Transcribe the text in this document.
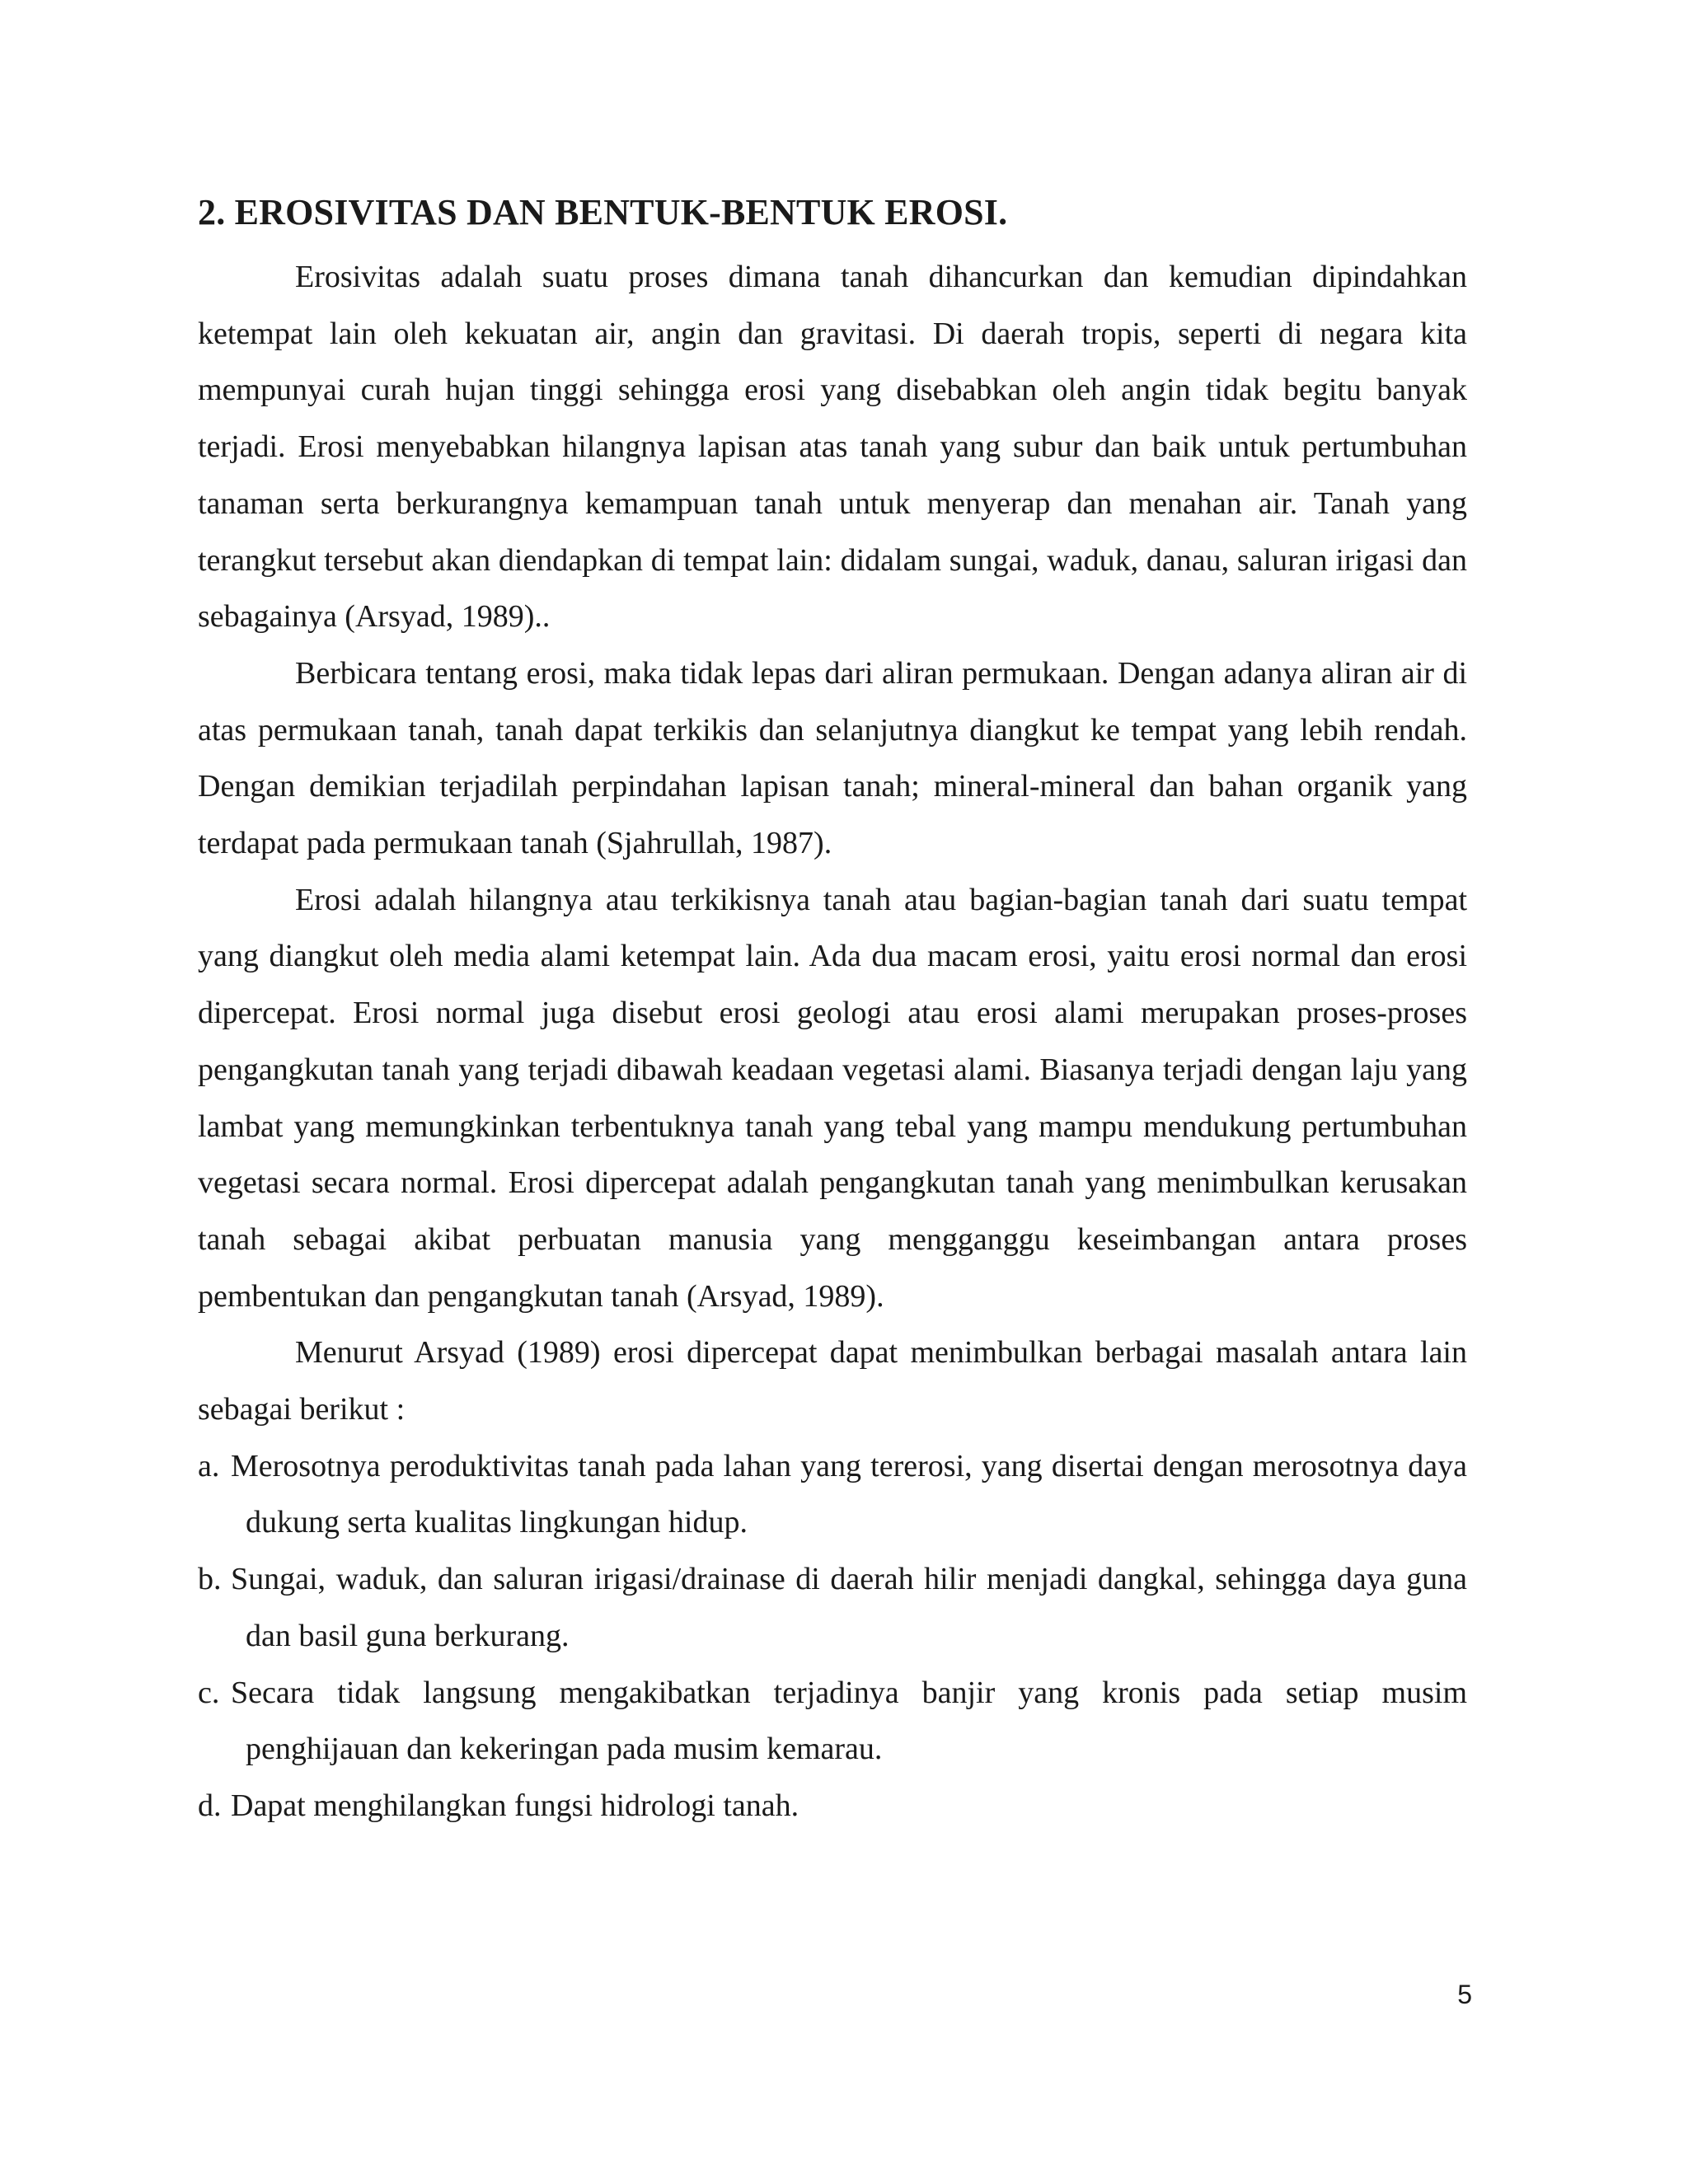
2. EROSIVITAS DAN BENTUK-BENTUK EROSI.

Erosivitas adalah suatu proses dimana tanah dihancurkan dan kemudian dipindahkan ketempat lain oleh kekuatan air, angin dan gravitasi. Di daerah tropis, seperti di negara kita mempunyai curah hujan tinggi sehingga erosi yang disebabkan oleh angin tidak begitu banyak terjadi. Erosi menyebabkan hilangnya lapisan atas tanah yang subur dan baik untuk pertumbuhan tanaman serta berkurangnya kemampuan tanah untuk menyerap dan menahan air. Tanah yang terangkut tersebut akan diendapkan di tempat lain: didalam sungai, waduk, danau, saluran irigasi dan sebagainya (Arsyad, 1989)..

Berbicara tentang erosi, maka tidak lepas dari aliran permukaan. Dengan adanya aliran air di atas permukaan tanah, tanah dapat terkikis dan selanjutnya diangkut ke tempat yang lebih rendah. Dengan demikian terjadilah perpindahan lapisan tanah; mineral-mineral dan bahan organik yang terdapat pada permukaan tanah (Sjahrullah, 1987).

Erosi adalah hilangnya atau terkikisnya tanah atau bagian-bagian tanah dari suatu tempat yang diangkut oleh media alami ketempat lain. Ada dua macam erosi, yaitu erosi normal dan erosi dipercepat. Erosi normal juga disebut erosi geologi atau erosi alami merupakan proses-proses pengangkutan tanah yang terjadi dibawah keadaan vegetasi alami. Biasanya terjadi dengan laju yang lambat yang memungkinkan terbentuknya tanah yang tebal yang mampu mendukung pertumbuhan vegetasi secara normal. Erosi dipercepat adalah pengangkutan tanah yang menimbulkan kerusakan tanah sebagai akibat perbuatan manusia yang mengganggu keseimbangan antara proses pembentukan dan pengangkutan tanah (Arsyad, 1989).

Menurut Arsyad (1989) erosi dipercepat dapat menimbulkan berbagai masalah antara lain sebagai berikut :

a. Merosotnya peroduktivitas tanah pada lahan yang tererosi, yang disertai dengan merosotnya daya dukung serta kualitas lingkungan hidup.

b. Sungai, waduk, dan saluran irigasi/drainase di daerah hilir menjadi dangkal, sehingga daya guna dan basil guna berkurang.

c. Secara tidak langsung mengakibatkan terjadinya banjir yang kronis pada setiap musim penghijauan dan kekeringan pada musim kemarau.

d. Dapat menghilangkan fungsi hidrologi tanah.

5
